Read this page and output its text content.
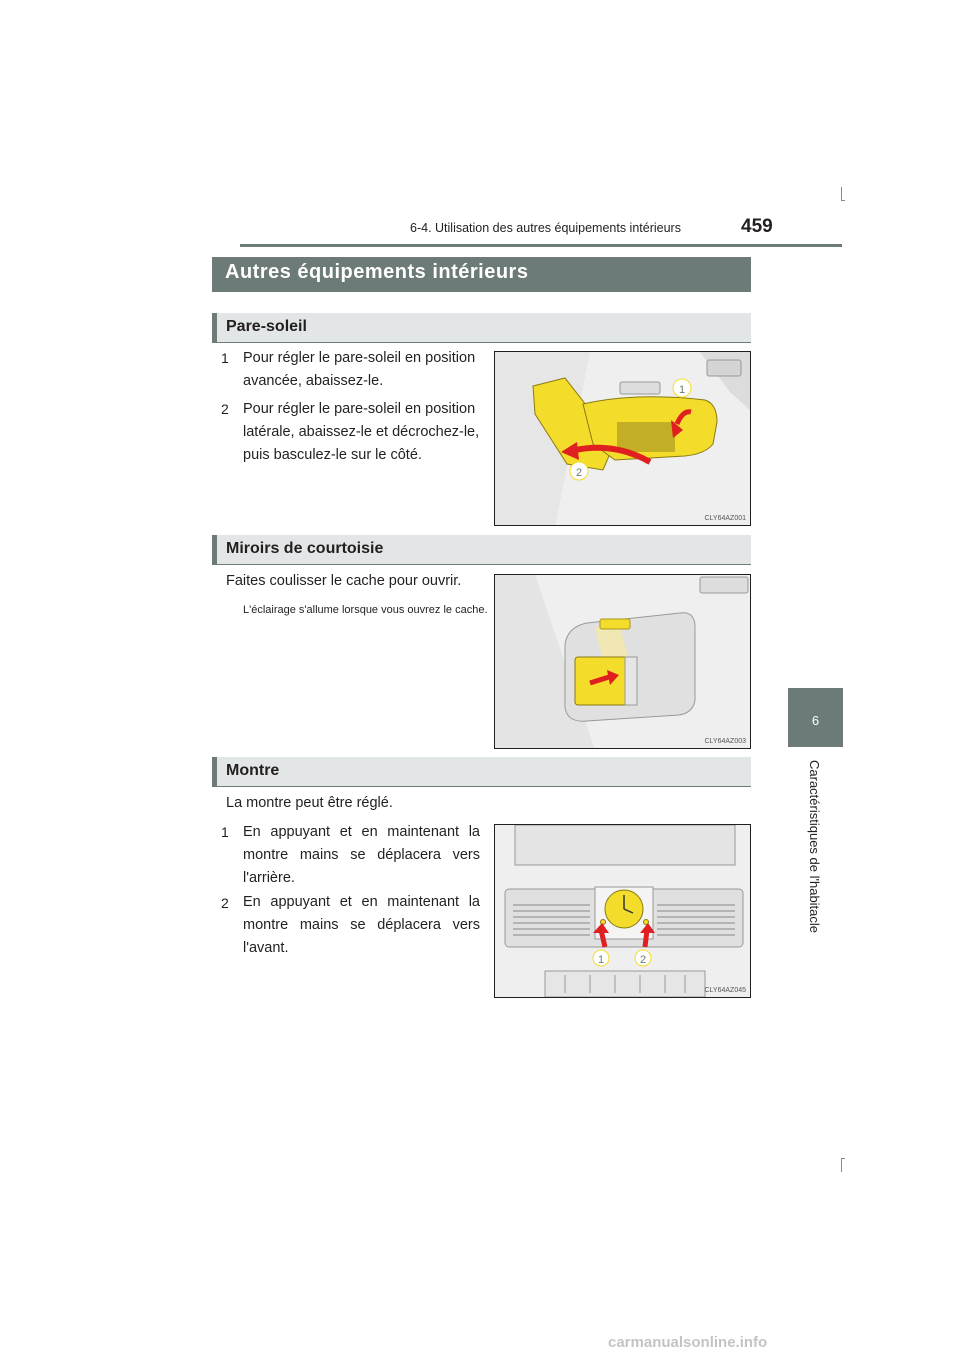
6-4. Utilisation des autres équipements intérieurs	459
6
Caractéristiques de l'habitacle
Autres équipements intérieurs
Pare-soleil
1 Pour régler le pare-soleil en position avancée, abaissez-le.
2 Pour régler le pare-soleil en position latérale, abaissez-le et décrochez-le, puis basculez-le sur le côté.
1
2
CLY64AZ001
Miroirs de courtoisie
Faites coulisser le cache pour ouvrir.
L'éclairage s'allume lorsque vous ouvrez le cache.
CLY64AZ003
Montre
La montre peut être réglé.
1 En appuyant et en maintenant la montre mains se déplacera vers l'arrière.
2 En appuyant et en maintenant la montre mains se déplacera vers l'avant.
1	2
CLY64AZ045
carmanualsonline.info
